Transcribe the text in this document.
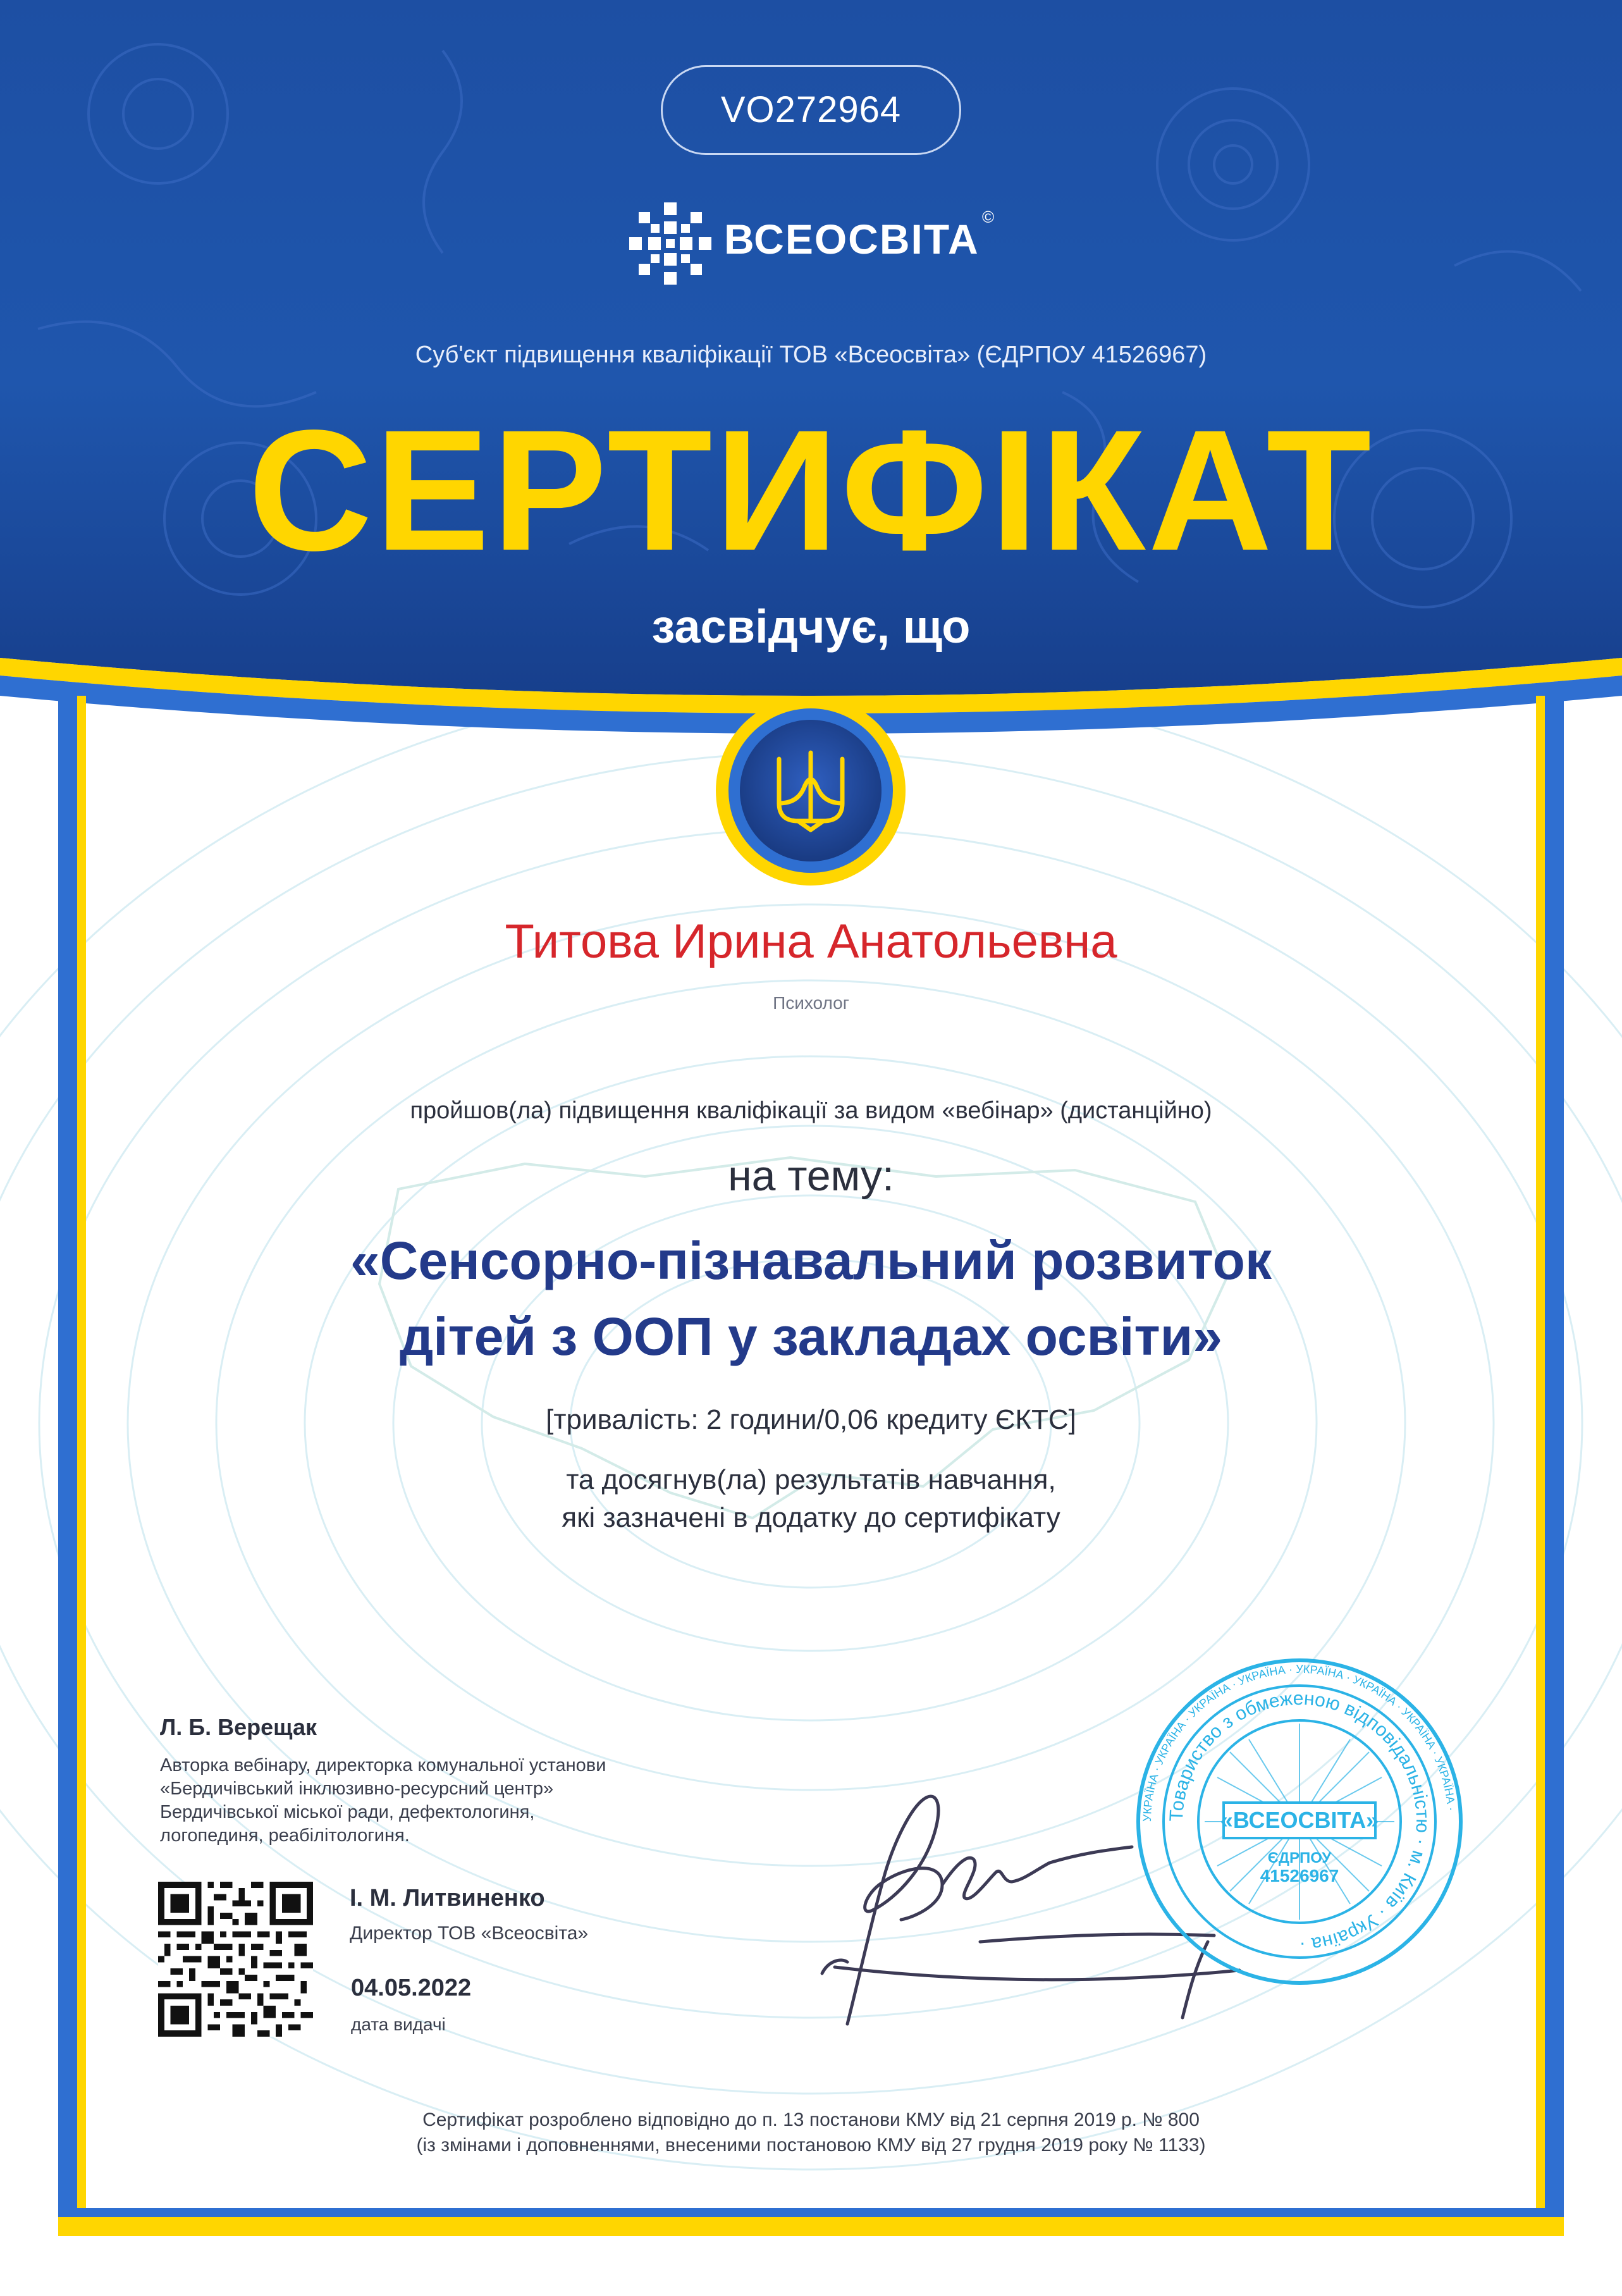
VO272964
ВСЕОСВІТА ©
Суб'єкт підвищення кваліфікації ТОВ «Всеосвіта» (ЄДРПОУ 41526967)
СЕРТИФІКАТ
засвідчує, що
Титова Ирина Анатольевна
Психолог
пройшов(ла) підвищення кваліфікації за видом «вебінар» (дистанційно)
на тему:
«Сенсорно-пізнавальний розвиток
дітей з ООП у закладах освіти»
[тривалість: 2 години/0,06 кредиту ЄКТС]
та досягнув(ла) результатів навчання,
які зазначені в додатку до сертифікату
Л. Б. Верещак
Авторка вебінару, директорка комунальної установи
«Бердичівський інклюзивно-ресурсний центр»
Бердичівської міської ради, дефектологиня,
логопединя, реабілітологиня.
І. М. Литвиненко
Директор ТОВ «Всеосвіта»
04.05.2022
дата видачі
Сертифікат розроблено відповідно до п. 13 постанови КМУ від 21 серпня 2019 р. № 800
(із змінами і доповненнями, внесеними постановою КМУ від 27 грудня 2019 року № 1133)
«ВСЕОСВІТА»
ЄДРПОУ
41526967
Товариство з обмеженою відповідальністю · м. Київ · Україна ·
УКРАЇНА · УКРАЇНА · УКРАЇНА · УКРАЇНА · УКРАЇНА · УКРАЇНА · УКРАЇНА · УКРАЇНА ·
